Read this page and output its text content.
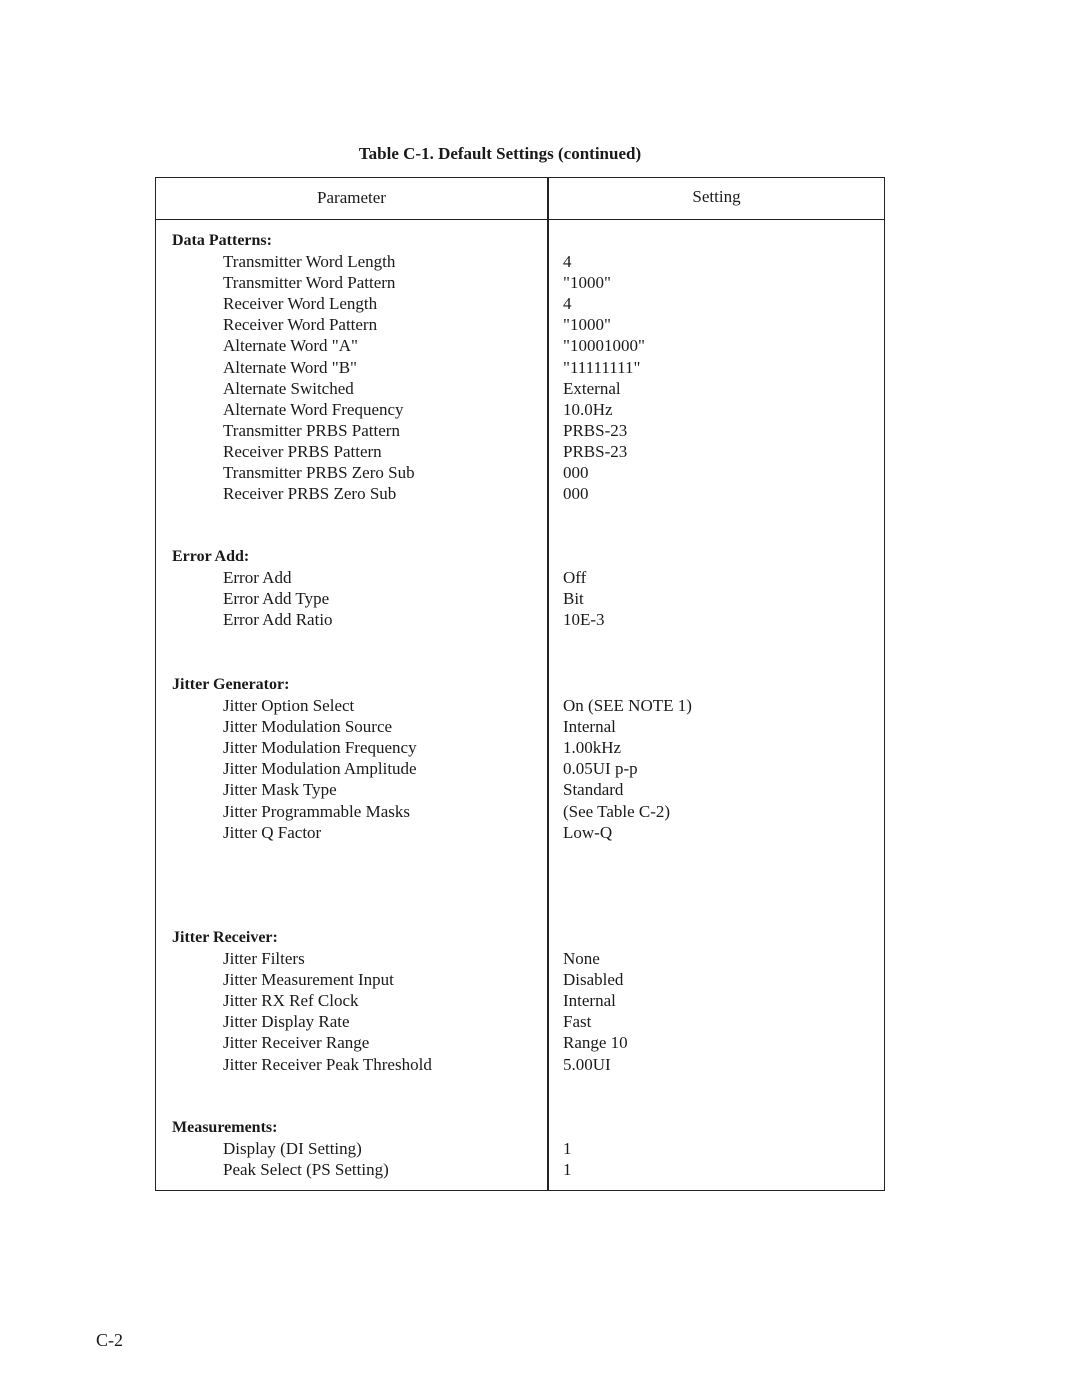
Table C-1. Default Settings (continued)
Parameter	Setting
Data Patterns:
Transmitter Word Length	4
Transmitter Word Pattern	"1000"
Receiver Word Length	4
Receiver Word Pattern	"1000"
Alternate Word "A"	"10001000"
Alternate Word "B"	"11111111"
Alternate Switched	External
Alternate Word Frequency	10.0Hz
Transmitter PRBS Pattern	PRBS-23
Receiver PRBS Pattern	PRBS-23
Transmitter PRBS Zero Sub	000
Receiver PRBS Zero Sub	000
Error Add:
Error Add	Off
Error Add Type	Bit
Error Add Ratio	10E-3
Jitter Generator:
Jitter Option Select	On (SEE NOTE 1)
Jitter Modulation Source	Internal
Jitter Modulation Frequency	1.00kHz
Jitter Modulation Amplitude	0.05UI p-p
Jitter Mask Type	Standard
Jitter Programmable Masks	(See Table C-2)
Jitter Q Factor	Low-Q
Jitter Receiver:
Jitter Filters	None
Jitter Measurement Input	Disabled
Jitter RX Ref Clock	Internal
Jitter Display Rate	Fast
Jitter Receiver Range	Range 10
Jitter Receiver Peak Threshold	5.00UI
Measurements:
Display (DI Setting)	1
Peak Select (PS Setting)	1
C-2
